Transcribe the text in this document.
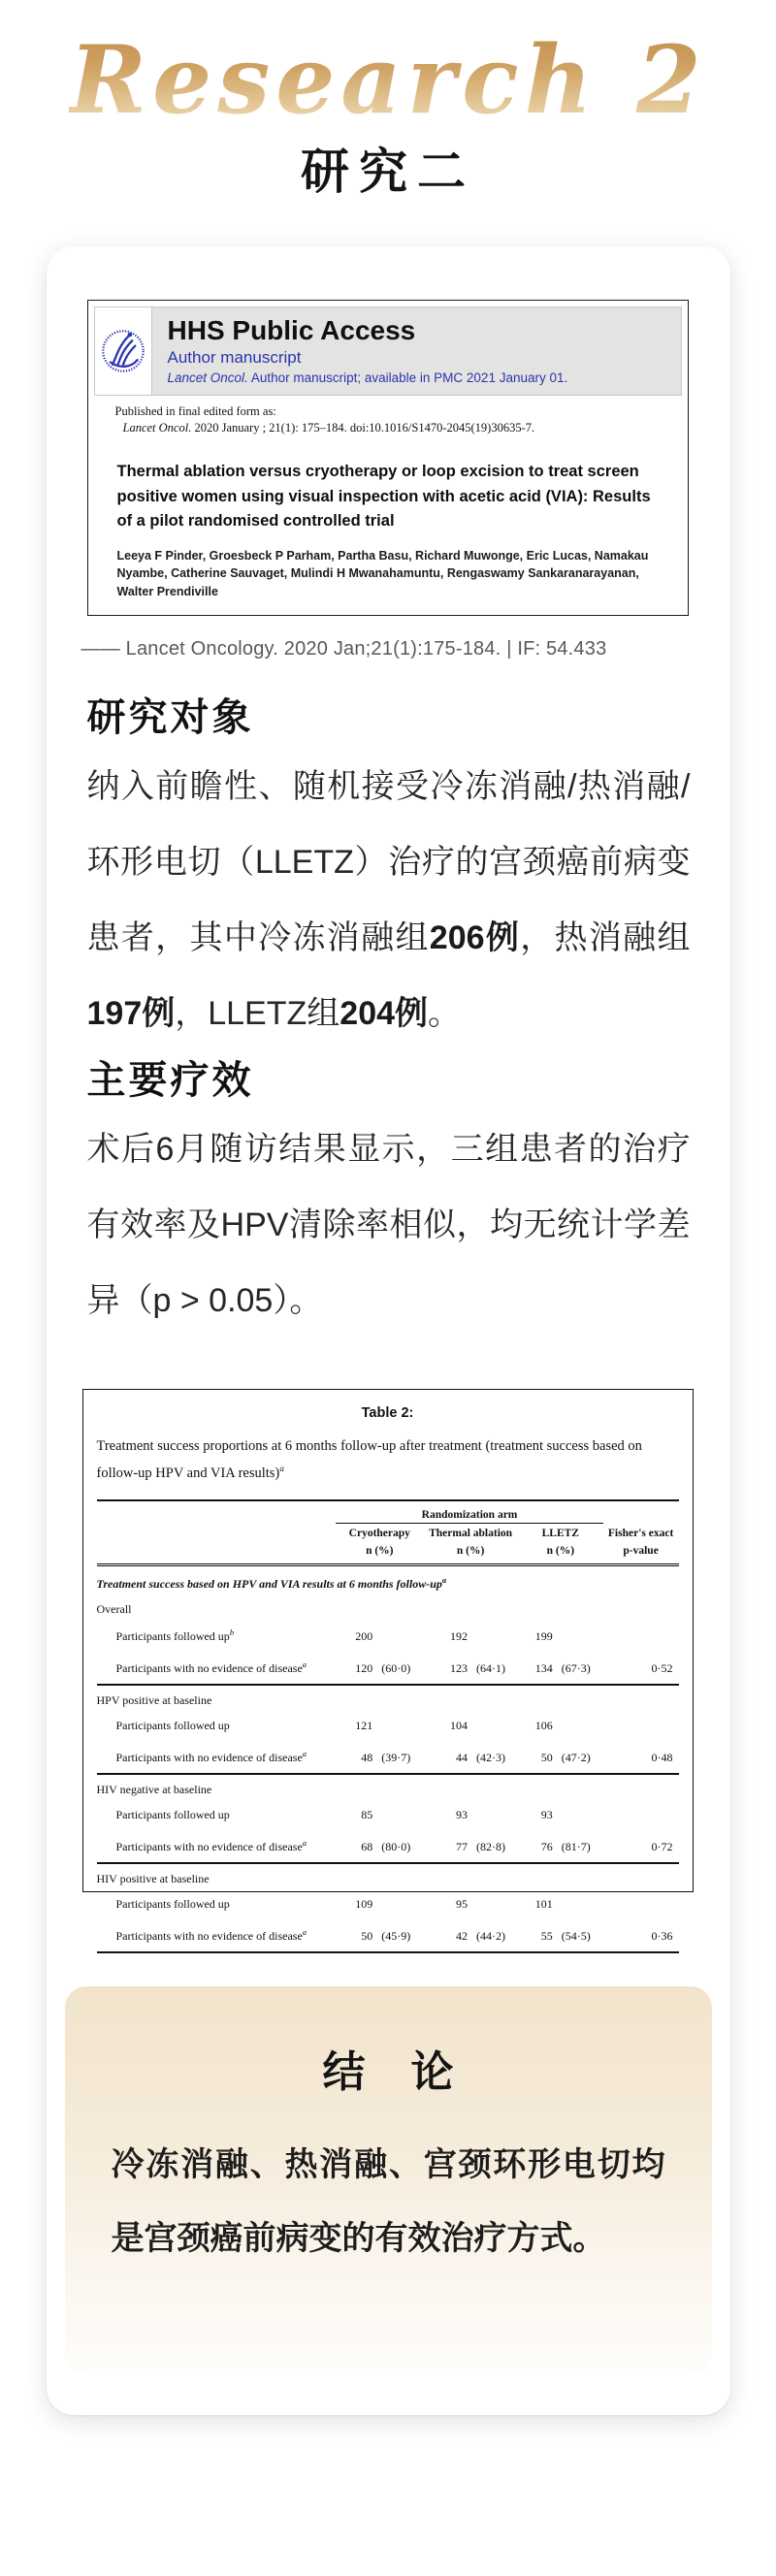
Research 2
研究二
HHS Public Access
Author manuscript
Lancet Oncol. Author manuscript; available in PMC 2021 January 01.
Published in final edited form as:
Lancet Oncol. 2020 January ; 21(1): 175–184. doi:10.1016/S1470-2045(19)30635-7.
Thermal ablation versus cryotherapy or loop excision to treat screen positive women using visual inspection with acetic acid (VIA): Results of a pilot randomised controlled trial

Leeya F Pinder, Groesbeck P Parham, Partha Basu, Richard Muwonge, Eric Lucas, Namakau Nyambe, Catherine Sauvaget, Mulindi H Mwanahamuntu, Rengaswamy Sankaranarayanan, Walter Prendiville

—— Lancet Oncology. 2020 Jan;21(1):175-184. | IF: 54.433

研究对象

纳入前瞻性、随机接受冷冻消融/热消融/环形电切（LLETZ）治疗的宫颈癌前病变患者，其中冷冻消融组206例，热消融组197例，LLETZ组204例。

主要疗效

术后6月随访结果显示，三组患者的治疗有效率及HPV清除率相似，均无统计学差异（p > 0.05）。

Table 2:
Treatment success proportions at 6 months follow-up after treatment (treatment success based on follow-up HPV and VIA results)$^a$
	Randomization arm						

Cryotherapy
n (%)

Thermal ablation
n (%)

LLETZ
n (%)

Fisher's exact
p-value

Treatment success based on HPV and VIA results at 6 months follow-$up^a$
Overall							
Participants followed $up^b$	200		192		199		
Participants with no evidence of disease$^a$	120	(60·0)	123	(64·1)	134	(67·3)	0·52
HPV positive at baseline							
Participants followed up	121		104		106		
Participants with no evidence of disease$^a$	48	(39·7)	44	(42·3)	50	(47·2)	0·48
HIV negative at baseline							
Participants followed up	85		93		93		
Participants with no evidence of disease$^a$	68	(80·0)	77	(82·8)	76	(81·7)	0·72
HIV positive at baseline							
Participants followed up	109		95		101		
Participants with no evidence of disease$^a$	50	(45·9)	42	(44·2)	55	(54·5)	0·36
结 论

冷冻消融、热消融、宫颈环形电切均是宫颈癌前病变的有效治疗方式。
